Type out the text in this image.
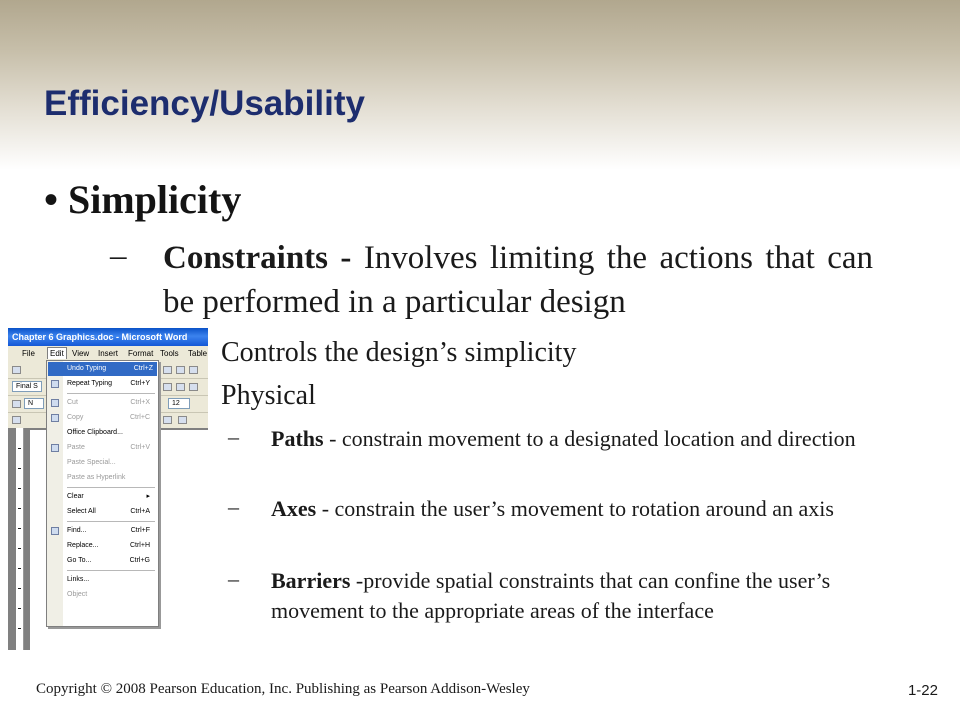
Efficiency/Usability
• Simplicity
– Constraints - Involves limiting the actions that can be performed in a particular design
Controls the design’s simplicity
Physical
– Paths - constrain movement to a designated location and direction
– Axes - constrain the user’s movement to rotation around an axis
– Barriers -provide spatial constraints that can confine the user’s movement to the appropriate areas of the interface
Copyright © 2008 Pearson Education, Inc. Publishing as Pearson Addison-Wesley	1-22
Chapter 6 Graphics.doc - Microsoft Word
File	Edit	View Insert Format Tools Table
Final S
N	12
Undo Typing	Ctrl+Z
Repeat Typing	Ctrl+Y
Cut	Ctrl+X
Copy	Ctrl+C
Office Clipboard...
Paste	Ctrl+V
Paste Special...
Paste as Hyperlink
Clear	▸
Select All	Ctrl+A
Find...	Ctrl+F
Replace...	Ctrl+H
Go To...	Ctrl+G
Links...
Object
